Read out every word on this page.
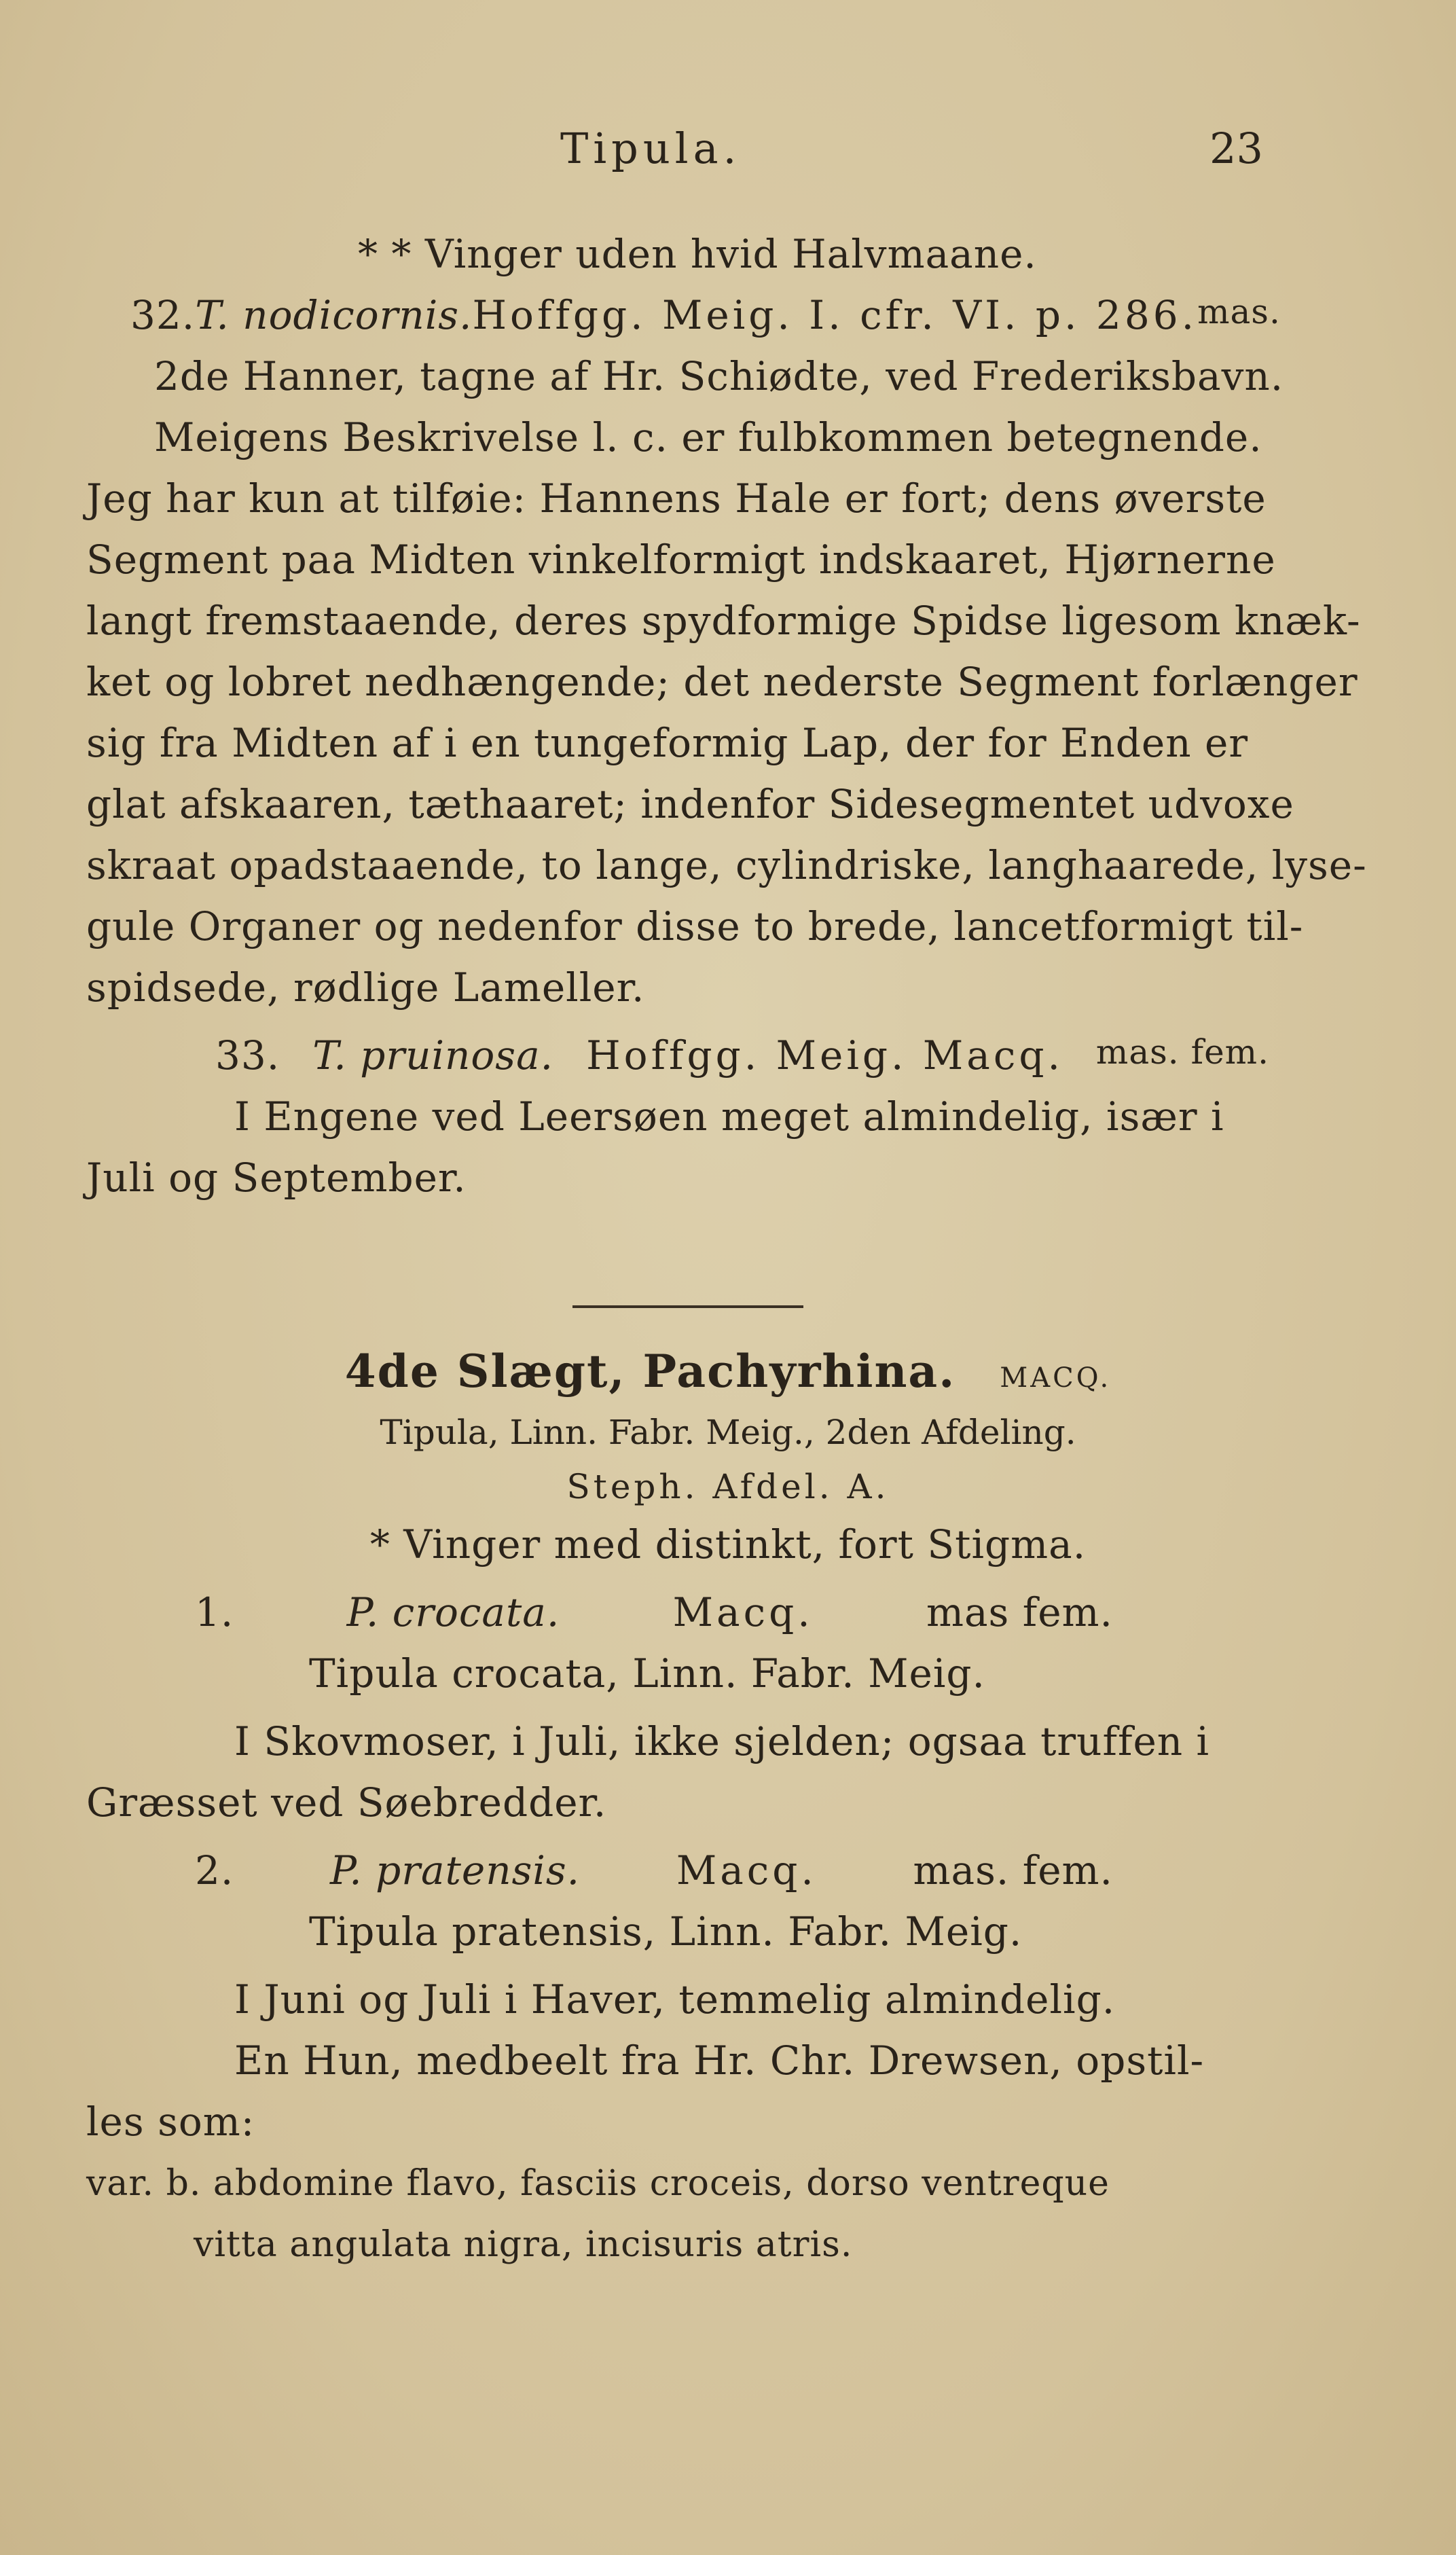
Tipula.	23
* * Vinger uden hvid Halvmaane.
32. T. nodicornis. Hoffgg. Meig. I. cfr. VI. p. 286. mas.
2de Hanner, tagne af Hr. Schiødte, ved Frederiksbavn.
Meigens Beskrivelse l. c. er fulbkommen betegnende.
Jeg har kun at tilføie: Hannens Hale er fort; dens øverste
Segment paa Midten vinkelformigt indskaaret, Hjørnerne
langt fremstaaende, deres spydformige Spidse ligesom knæk-
ket og lobret nedhængende; det nederste Segment forlænger
sig fra Midten af i en tungeformig Lap, der for Enden er
glat afskaaren, tæthaaret; indenfor Sidesegmentet udvoxe
skraat opadstaaende, to lange, cylindriske, langhaarede, lyse-
gule Organer og nedenfor disse to brede, lancetformigt til-
spidsede, rødlige Lameller.
33. T. pruinosa. Hoffgg. Meig. Macq. mas. fem.
I Engene ved Leersøen meget almindelig, især i
Juli og September.
4de Slægt, Pachyrhina. MACQ.
Tipula, Linn. Fabr. Meig., 2den Afdeling.
Steph. Afdel. A.
* Vinger med distinkt, fort Stigma.
1.	P. crocata.	Macq.	mas fem.
Tipula crocata, Linn. Fabr. Meig.
I Skovmoser, i Juli, ikke sjelden; ogsaa truffen i
Græsset ved Søebredder.
2. P. pratensis. Macq. mas. fem.
Tipula pratensis, Linn. Fabr. Meig.
I Juni og Juli i Haver, temmelig almindelig.
En Hun, medbeelt fra Hr. Chr. Drewsen, opstil-
les som:
var. b. abdomine flavo, fasciis croceis, dorso ventreque
vitta angulata nigra, incisuris atris.
